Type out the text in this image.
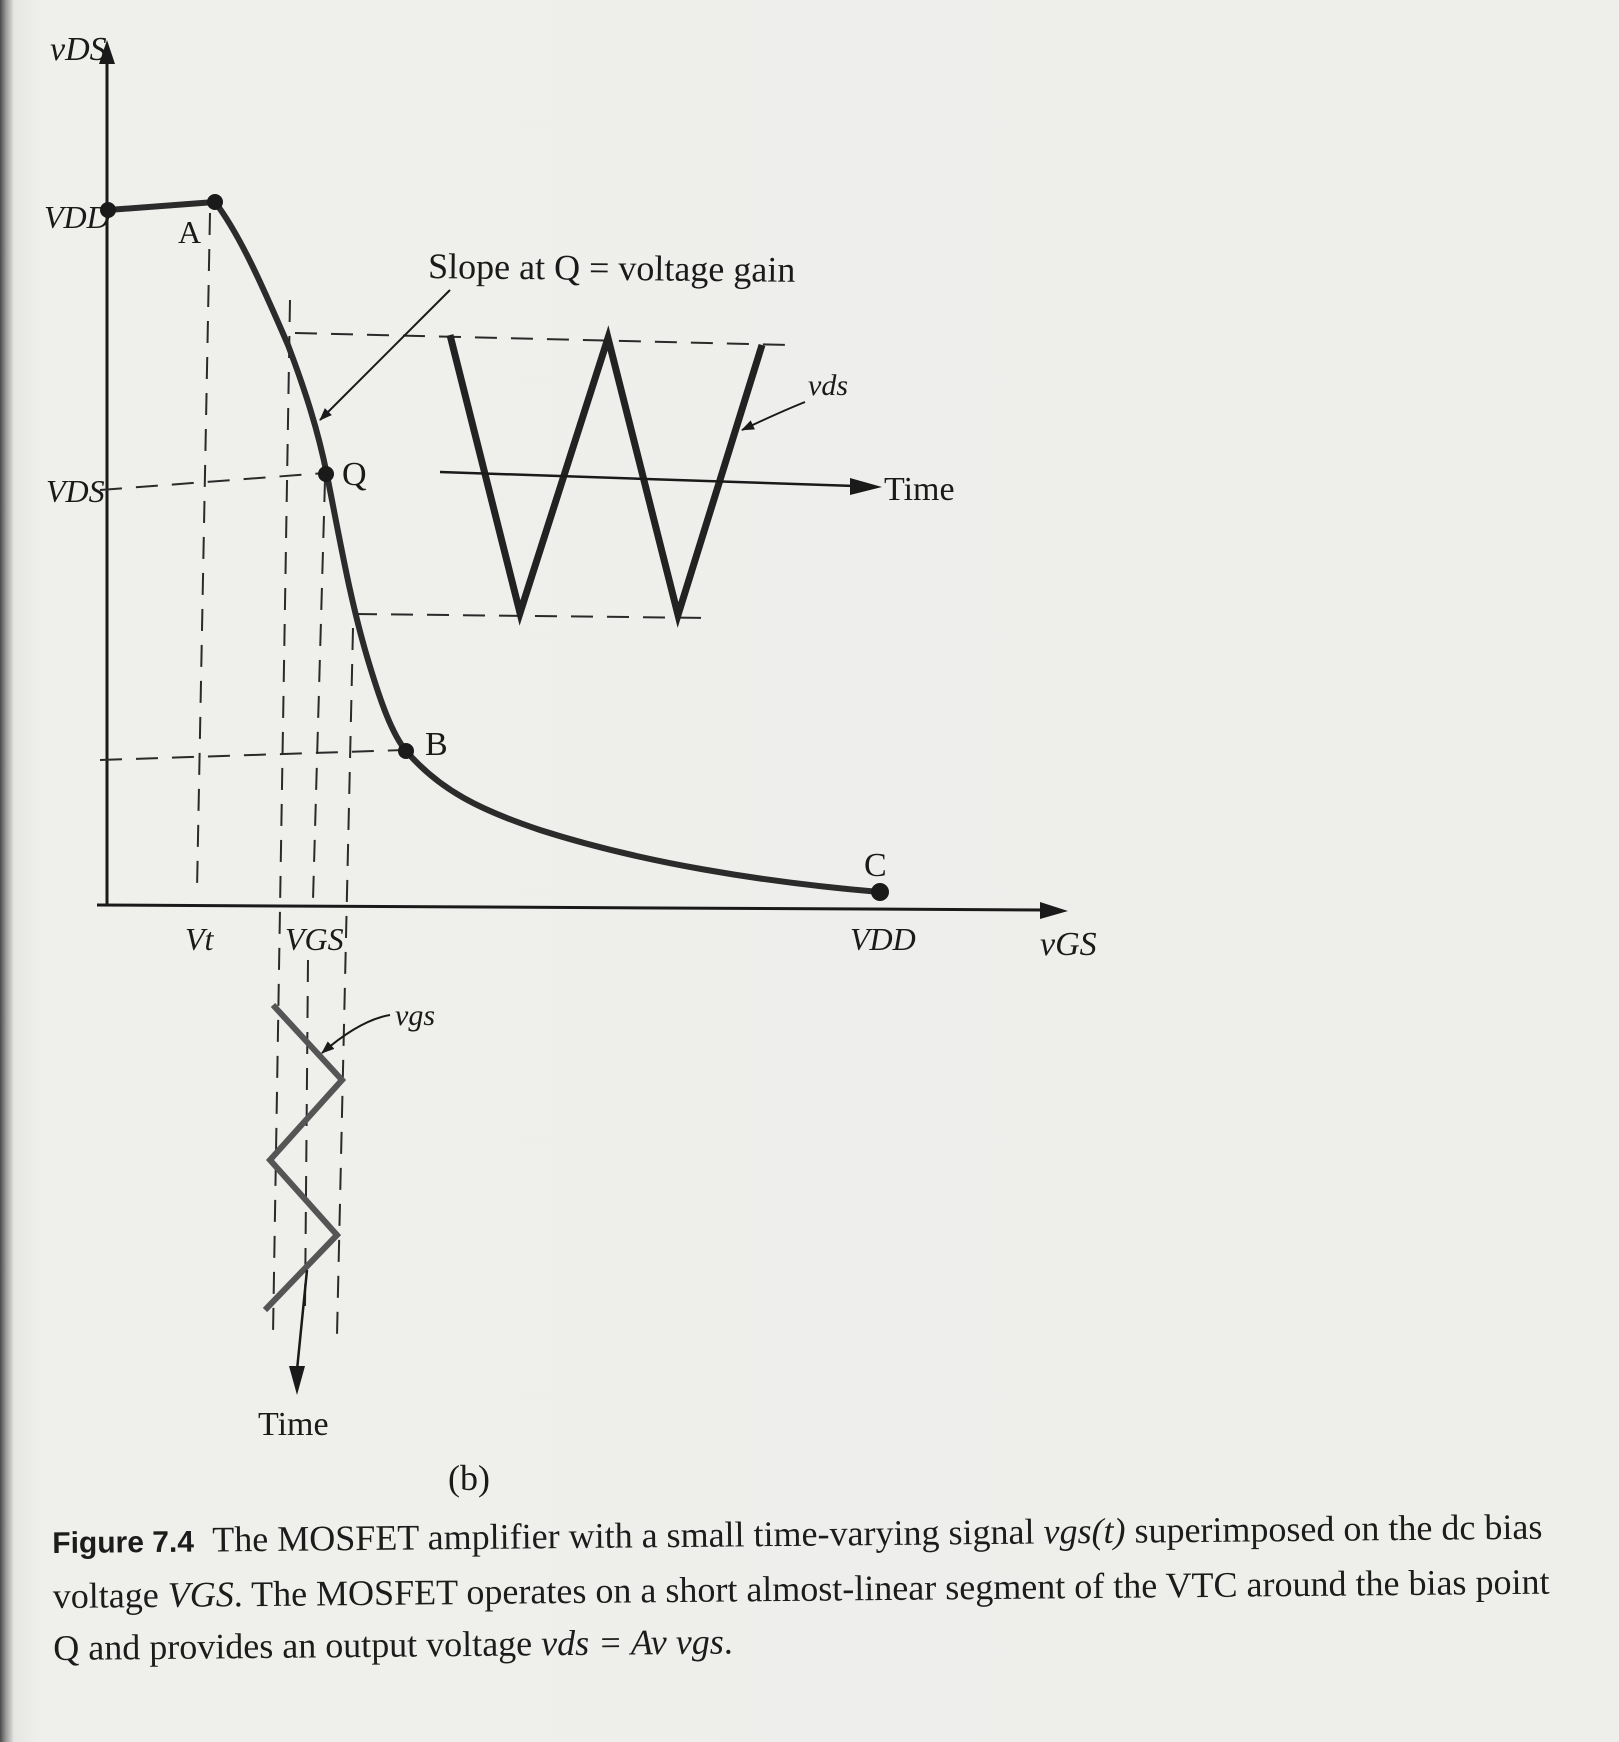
vDS
vGS
VDD
VDS
Vt VGS	VDD
A
Q
B
C
Slope at Q = voltage gain
vds
vgs
Time
Time
(b)
Figure 7.4 The MOSFET amplifier with a small time-varying signal vgs(t) superimposed on the dc bias voltage VGS. The MOSFET operates on a short almost-linear segment of the VTC around the bias point Q and provides an output voltage vds = Av vgs.
